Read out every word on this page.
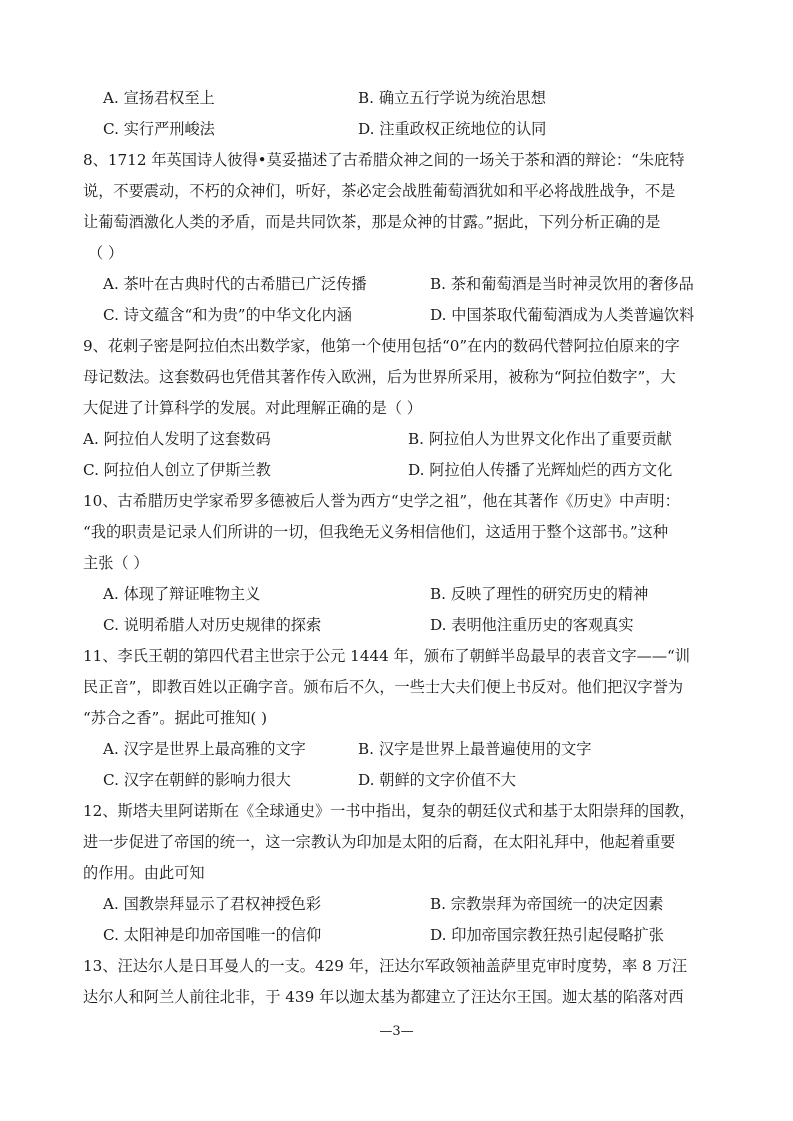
A. 宣扬君权至上	B. 确立五行学说为统治思想
C. 实行严刑峻法	D. 注重政权正统地位的认同
8、1712 年英国诗人彼得•莫妥描述了古希腊众神之间的一场关于茶和酒的辩论：“朱庇特
说，不要震动，不朽的众神们，听好，茶必定会战胜葡萄酒犹如和平必将战胜战争，不是
让葡萄酒激化人类的矛盾，而是共同饮茶，那是众神的甘露。”据此，下列分析正确的是
（ ）
A. 茶叶在古典时代的古希腊已广泛传播	B. 茶和葡萄酒是当时神灵饮用的奢侈品
C. 诗文蕴含“和为贵”的中华文化内涵	D. 中国茶取代葡萄酒成为人类普遍饮料
9、花剌子密是阿拉伯杰出数学家，他第一个使用包括“0”在内的数码代替阿拉伯原来的字
母记数法。这套数码也凭借其著作传入欧洲，后为世界所采用，被称为“阿拉伯数字”，大
大促进了计算科学的发展。对此理解正确的是（ ）
A. 阿拉伯人发明了这套数码	B. 阿拉伯人为世界文化作出了重要贡献
C. 阿拉伯人创立了伊斯兰教	D. 阿拉伯人传播了光辉灿烂的西方文化
10、古希腊历史学家希罗多德被后人誉为西方“史学之祖”，他在其著作《历史》中声明：
“我的职责是记录人们所讲的一切，但我绝无义务相信他们，这适用于整个这部书。”这种
主张（ ）
A. 体现了辩证唯物主义	B. 反映了理性的研究历史的精神
C. 说明希腊人对历史规律的探索	D. 表明他注重历史的客观真实
11、李氏王朝的第四代君主世宗于公元 1444 年，颁布了朝鲜半岛最早的表音文字——“训
民正音”，即教百姓以正确字音。颁布后不久，一些士大夫们便上书反对。他们把汉字誉为
“苏合之香”。据此可推知( )
A. 汉字是世界上最高雅的文字	B. 汉字是世界上最普遍使用的文字
C. 汉字在朝鲜的影响力很大	D. 朝鲜的文字价值不大
12、斯塔夫里阿诺斯在《全球通史》一书中指出，复杂的朝廷仪式和基于太阳崇拜的国教，
进一步促进了帝国的统一，这一宗教认为印加是太阳的后裔，在太阳礼拜中，他起着重要
的作用。由此可知
A. 国教崇拜显示了君权神授色彩	B. 宗教崇拜为帝国统一的决定因素
C. 太阳神是印加帝国唯一的信仰	D. 印加帝国宗教狂热引起侵略扩张
13、汪达尔人是日耳曼人的一支。429 年，汪达尔军政领袖盖萨里克审时度势，率 8 万汪
达尔人和阿兰人前往北非，于 439 年以迦太基为都建立了汪达尔王国。迦太基的陷落对西
—3—
